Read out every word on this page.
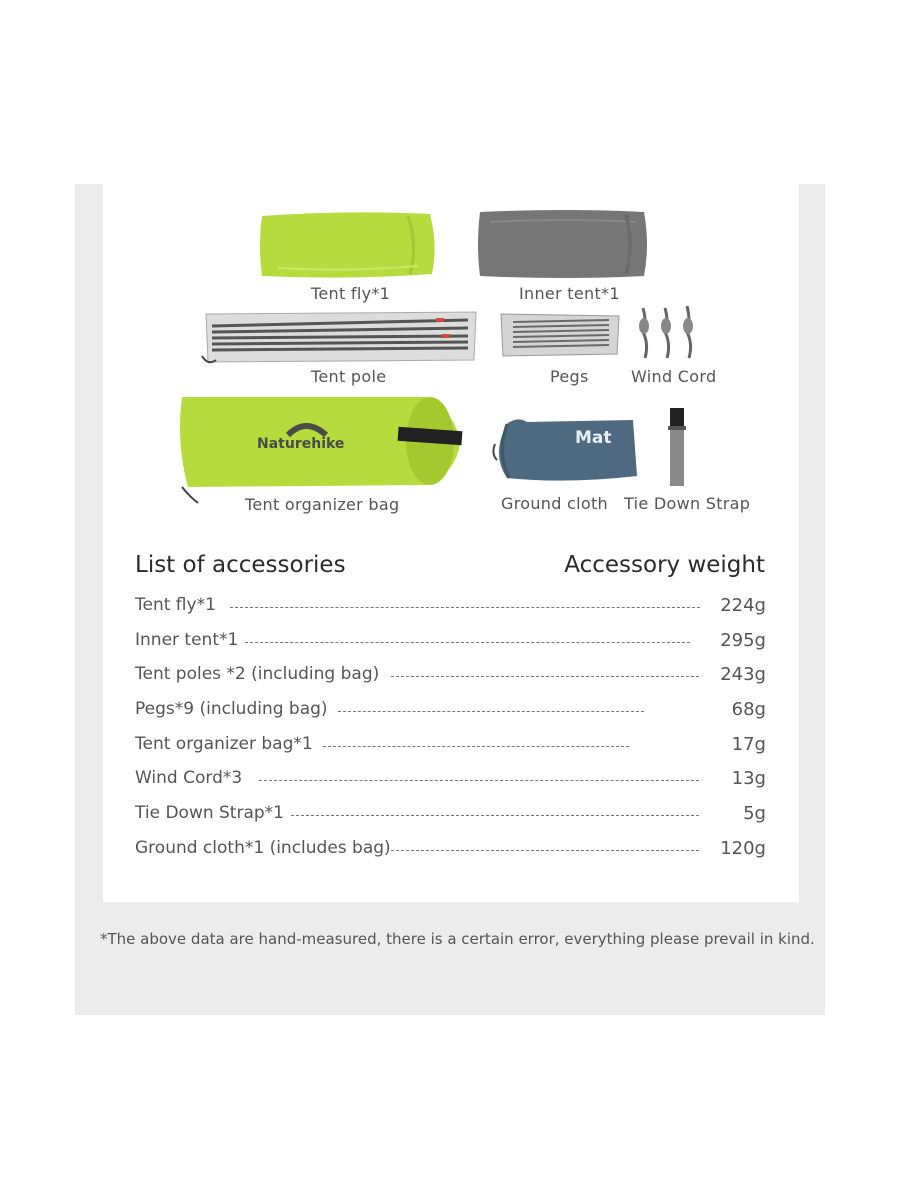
Tent fly*1	Inner tent*1
Tent pole	Pegs	Wind Cord
Naturehike
Tent organizer bag
Mat
Ground cloth Tie Down Strap
List of accessories	Accessory weight
Tent fly*1	224g
Inner tent*1	295g
Tent poles *2 (including bag)	243g
Pegs*9 (including bag)	68g
Tent organizer bag*1	17g
Wind Cord*3	13g
Tie Down Strap*1	5g
Ground cloth*1 (includes bag)	120g
*The above data are hand-measured, there is a certain error, everything please prevail in kind.
